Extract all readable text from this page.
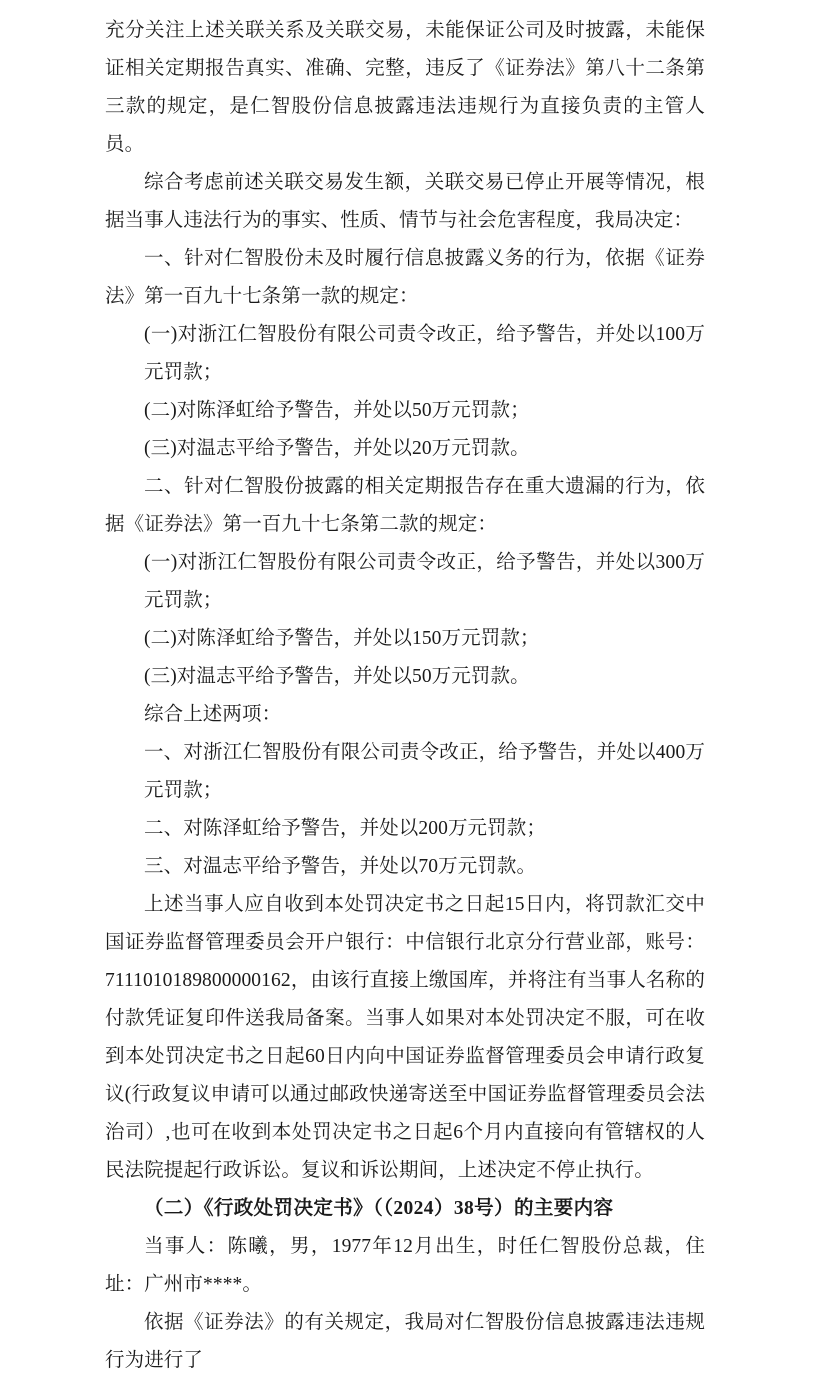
充分关注上述关联关系及关联交易，未能保证公司及时披露，未能保证相关定期报告真实、准确、完整，违反了《证券法》第八十二条第三款的规定，是仁智股份信息披露违法违规行为直接负责的主管人员。

综合考虑前述关联交易发生额，关联交易已停止开展等情况，根据当事人违法行为的事实、性质、情节与社会危害程度，我局决定：

一、针对仁智股份未及时履行信息披露义务的行为，依据《证券法》第一百九十七条第一款的规定：

(一)对浙江仁智股份有限公司责令改正，给予警告，并处以100万元罚款；

(二)对陈泽虹给予警告，并处以50万元罚款；

(三)对温志平给予警告，并处以20万元罚款。

二、针对仁智股份披露的相关定期报告存在重大遗漏的行为，依据《证券法》第一百九十七条第二款的规定：

(一)对浙江仁智股份有限公司责令改正，给予警告，并处以300万元罚款；

(二)对陈泽虹给予警告，并处以150万元罚款；

(三)对温志平给予警告，并处以50万元罚款。

综合上述两项：

一、对浙江仁智股份有限公司责令改正，给予警告，并处以400万元罚款；

二、对陈泽虹给予警告，并处以200万元罚款；

三、对温志平给予警告，并处以70万元罚款。

上述当事人应自收到本处罚决定书之日起15日内，将罚款汇交中国证券监督管理委员会开户银行：中信银行北京分行营业部，账号：7111010189800000162，由该行直接上缴国库，并将注有当事人名称的付款凭证复印件送我局备案。当事人如果对本处罚决定不服，可在收到本处罚决定书之日起60日内向中国证券监督管理委员会申请行政复议(行政复议申请可以通过邮政快递寄送至中国证券监督管理委员会法治司）,也可在收到本处罚决定书之日起6个月内直接向有管辖权的人民法院提起行政诉讼。复议和诉讼期间，上述决定不停止执行。

（二）《行政处罚决定书》（（2024）38号）的主要内容

当事人：陈曦，男，1977年12月出生，时任仁智股份总裁，住址：广州市****。

依据《证券法》的有关规定，我局对仁智股份信息披露违法违规行为进行了
